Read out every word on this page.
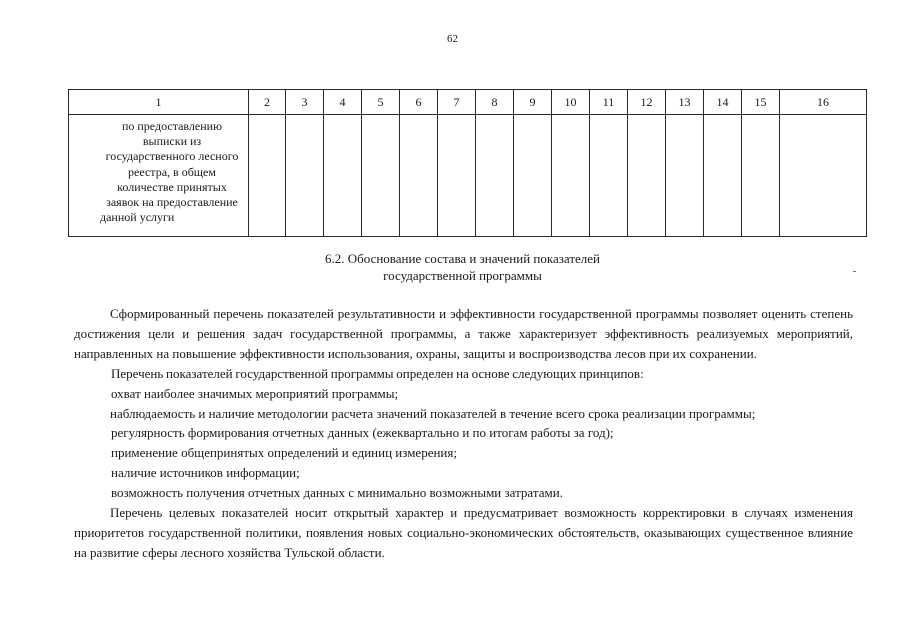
62
1	2	3	4	5	6	7	8	9	10	11	12	13	14	15	16
по предоставлению выписки из государственного лесного реестра, в общем количестве принятых заявок на предоставление данной услуги															
6.2. Обоснование состава и значений показателей
государственной программы

Сформированный перечень показателей результативности и эффективности государственной программы позволяет оценить степень достижения цели и решения задач государственной программы, а также характеризует эффективность реализуемых мероприятий, направленных на повышение эффективности использования, охраны, защиты и воспроизводства лесов при их сохранении.

Перечень показателей государственной программы определен на основе следующих принципов:

охват наиболее значимых мероприятий программы;

наблюдаемость и наличие методологии расчета значений показателей в течение всего срока реализации программы;

регулярность формирования отчетных данных (ежеквартально и по итогам работы за год);

применение общепринятых определений и единиц измерения;

наличие источников информации;

возможность получения отчетных данных с минимально возможными затратами.

Перечень целевых показателей носит открытый характер и предусматривает возможность корректировки в случаях изменения приоритетов государственной политики, появления новых социально-экономических обстоятельств, оказывающих существенное влияние на развитие сферы лесного хозяйства Тульской области.
